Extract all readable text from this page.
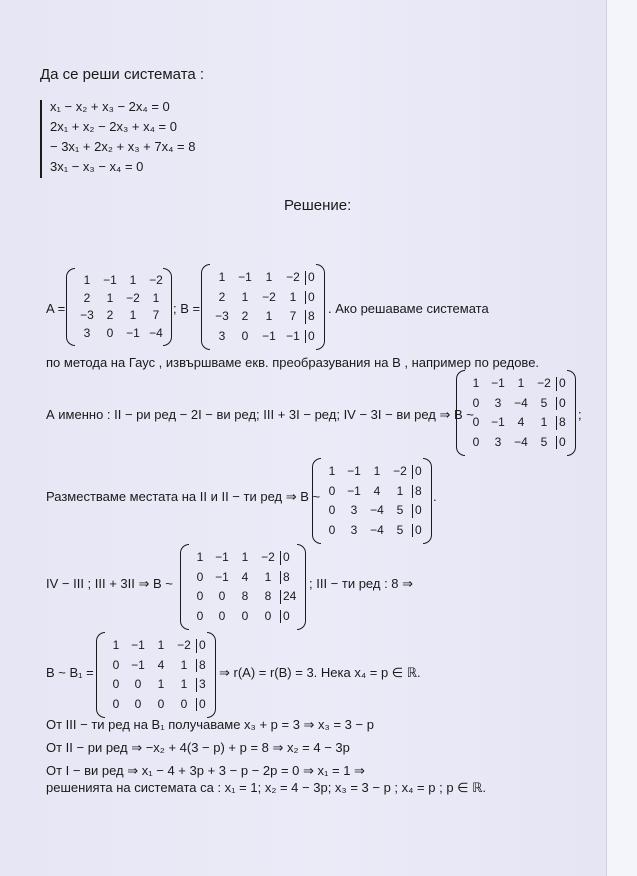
Да се реши системата :
x₁ − x₂ + x₃ − 2x₄ = 0
2x₁ + x₂ − 2x₃ + x₄ = 0
− 3x₁ + 2x₂ + x₃ + 7x₄ = 8
3x₁ − x₃ − x₄ = 0
Решение:
A =
1	−1	1	−2
2	1	−2	1
−3	2	1	7
3	0	−1 −4
; B =
1	−1	1	−2 0
2	1	−2	1 0
−3	2	1	7 8
3	0	−1 −1 0
. Ако решаваме системата
по метода на Гаус , извършваме екв. преобразувания на B , например по редове.
А именно : II − ри ред − 2I − ви ред; III + 3I − ред; IV − 3I − ви ред ⇒ B ~
1 −1	1	−2 0
0	3	−4	5 0
0 −1	4	1 8
0	3	−4	5 0
;
Разместваме местата на II и II − ти ред ⇒ B ~
1 −1	1	−2 0
0 −1	4	1 8
0	3	−4	5 0
0	3	−4	5 0
.
IV − III ; III + 3II ⇒ B ~
1 −1	1	−2 0
0 −1	4	1 8
0	0	8	8 24
0	0	0	0 0
; III − ти ред : 8 ⇒
B ~ B₁ =
1 −1	1	−2 0
0 −1	4	1 8
0	0	1	1 3
0	0	0	0 0
⇒ r(A) = r(B) = 3. Нека x₄ = p ∈ ℝ.
От III − ти ред на B₁ получаваме x₃ + p = 3 ⇒ x₃ = 3 − p
От II − ри ред ⇒ −x₂ + 4(3 − p) + p = 8 ⇒ x₂ = 4 − 3p
От I − ви ред ⇒ x₁ − 4 + 3p + 3 − p − 2p = 0 ⇒ x₁ = 1 ⇒
решенията на системата са : x₁ = 1; x₂ = 4 − 3p; x₃ = 3 − p ; x₄ = p ; p ∈ ℝ.
